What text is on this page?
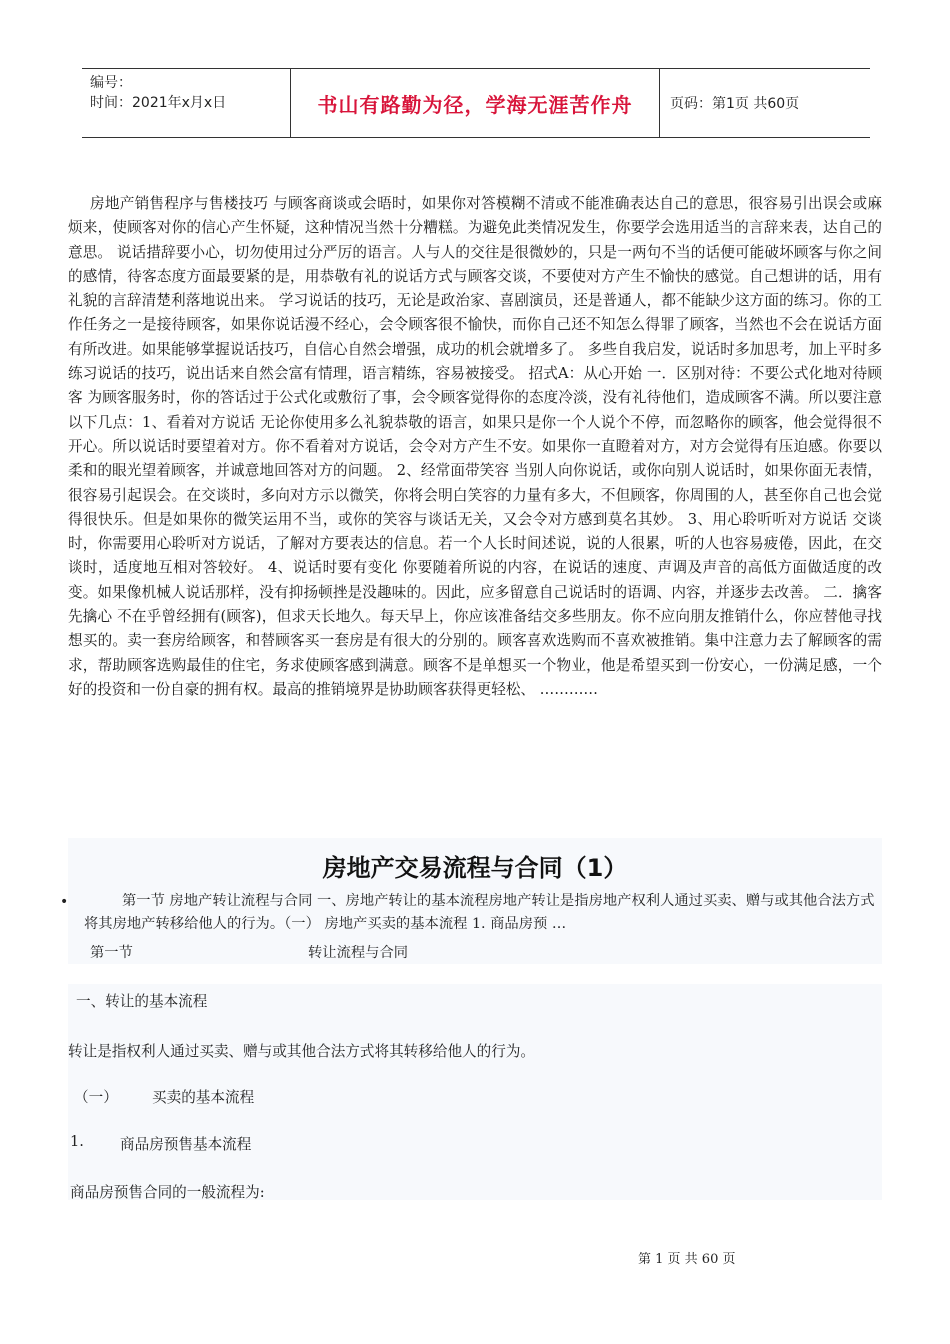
编号：
时间：2021年x月x日	书山有路勤为径，学海无涯苦作舟	页码：第1页 共60页

房地产销售程序与售楼技巧 与顾客商谈或会晤时，如果你对答模糊不清或不能准确表达自己的意思，很容易引出误会或麻烦来，使顾客对你的信心产生怀疑，这种情况当然十分糟糕。为避免此类情况发生，你要学会选用适当的言辞来表，达自己的意思。 说话措辞要小心，切勿使用过分严厉的语言。人与人的交往是很微妙的，只是一两句不当的话便可能破坏顾客与你之间的感情，待客态度方面最要紧的是，用恭敬有礼的说话方式与顾客交谈，不要使对方产生不愉快的感觉。自己想讲的话，用有礼貌的言辞清楚利落地说出来。 学习说话的技巧，无论是政治家、喜剧演员，还是普通人，都不能缺少这方面的练习。你的工作任务之一是接待顾客，如果你说话漫不经心，会令顾客很不愉快，而你自己还不知怎么得罪了顾客，当然也不会在说话方面有所改进。如果能够掌握说话技巧，自信心自然会增强，成功的机会就增多了。 多些自我启发，说话时多加思考，加上平时多练习说话的技巧，说出话来自然会富有情理，语言精练，容易被接受。 招式A：从心开始 一．区别对待：不要公式化地对待顾客 为顾客服务时，你的答话过于公式化或敷衍了事，会令顾客觉得你的态度冷淡，没有礼待他们，造成顾客不满。所以要注意以下几点：1、看着对方说话 无论你使用多么礼貌恭敬的语言，如果只是你一个人说个不停，而忽略你的顾客，他会觉得很不开心。所以说话时要望着对方。你不看着对方说话，会令对方产生不安。如果你一直瞪着对方，对方会觉得有压迫感。你要以柔和的眼光望着顾客，并诚意地回答对方的问题。 2、经常面带笑容 当别人向你说话，或你向别人说话时，如果你面无表情，很容易引起误会。在交谈时，多向对方示以微笑，你将会明白笑容的力量有多大，不但顾客，你周围的人，甚至你自己也会觉得很快乐。但是如果你的微笑运用不当，或你的笑容与谈话无关，又会令对方感到莫名其妙。 3、用心聆听听对方说话 交谈时，你需要用心聆听对方说话，了解对方要表达的信息。若一个人长时间述说，说的人很累，听的人也容易疲倦，因此，在交谈时，适度地互相对答较好。 4、说话时要有变化 你要随着所说的内容，在说话的速度、声调及声音的高低方面做适度的改变。如果像机械人说话那样，没有抑扬顿挫是没趣味的。因此，应多留意自己说话时的语调、内容，并逐步去改善。 二．擒客先擒心 不在乎曾经拥有(顾客)，但求天长地久。每天早上，你应该准备结交多些朋友。你不应向朋友推销什么，你应替他寻找想买的。卖一套房给顾客，和替顾客买一套房是有很大的分别的。顾客喜欢选购而不喜欢被推销。集中注意力去了解顾客的需求，帮助顾客选购最佳的住宅，务求使顾客感到满意。顾客不是单想买一个物业，他是希望买到一份安心，一份满足感，一个好的投资和一份自豪的拥有权。最高的推销境界是协助顾客获得更轻松、 …………

房地产交易流程与合同（1）
•	第一节 房地产转让流程与合同 一、房地产转让的基本流程房地产转让是指房地产权利人通过买卖、赠与或其他合法方式将其房地产转移给他人的行为。（一） 房地产买卖的基本流程 1. 商品房预 …

第一节	转让流程与合同
一、转让的基本流程
转让是指权利人通过买卖、赠与或其他合法方式将其转移给他人的行为。
（一） 买卖的基本流程
1. 商品房预售基本流程
商品房预售合同的一般流程为:
第 1 页 共 60 页
